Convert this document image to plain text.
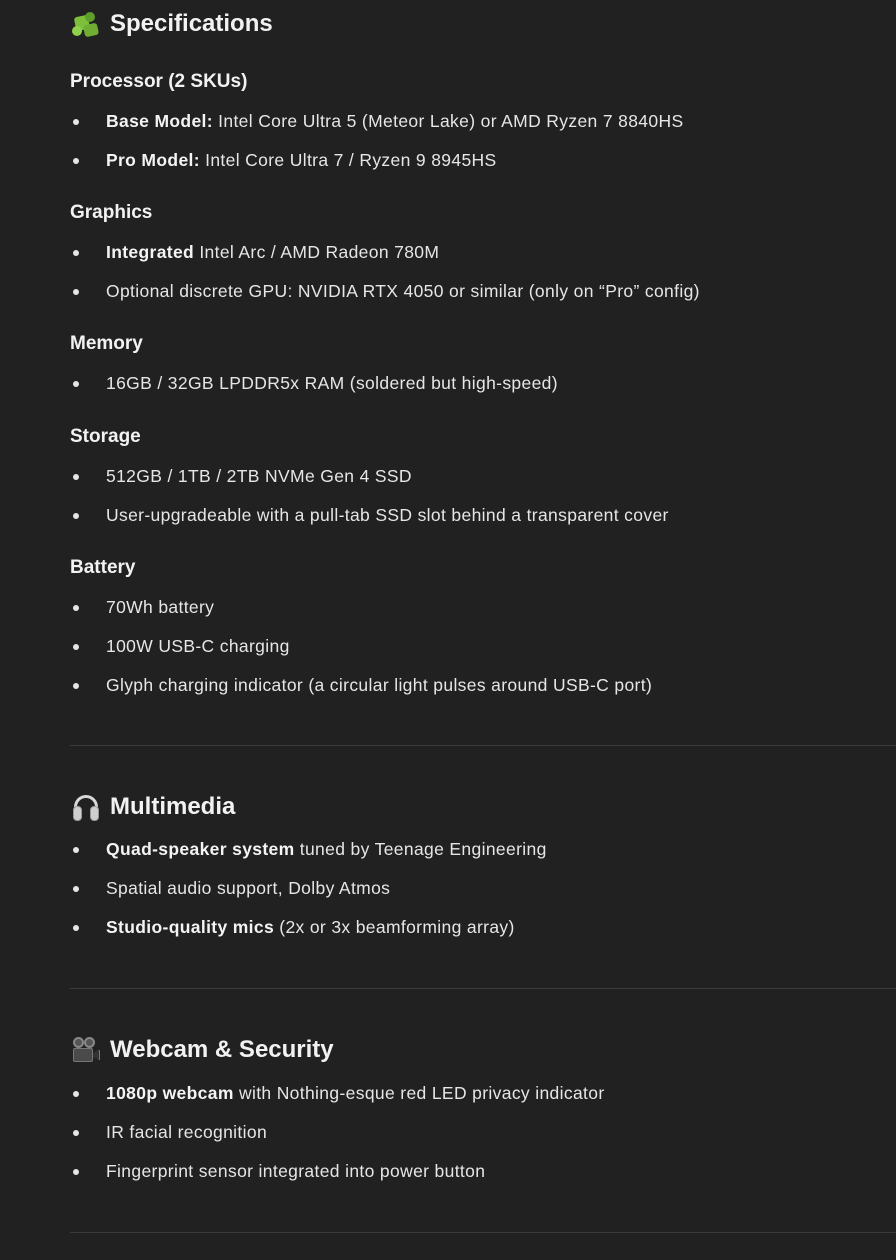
Specifications
Processor (2 SKUs)
Base Model: Intel Core Ultra 5 (Meteor Lake) or AMD Ryzen 7 8840HS
Pro Model: Intel Core Ultra 7 / Ryzen 9 8945HS
Graphics
Integrated Intel Arc / AMD Radeon 780M
Optional discrete GPU: NVIDIA RTX 4050 or similar (only on “Pro” config)
Memory
16GB / 32GB LPDDR5x RAM (soldered but high-speed)
Storage
512GB / 1TB / 2TB NVMe Gen 4 SSD
User-upgradeable with a pull-tab SSD slot behind a transparent cover
Battery
70Wh battery
100W USB-C charging
Glyph charging indicator (a circular light pulses around USB-C port)
Multimedia
Quad-speaker system tuned by Teenage Engineering
Spatial audio support, Dolby Atmos
Studio-quality mics (2x or 3x beamforming array)
Webcam & Security
1080p webcam with Nothing-esque red LED privacy indicator
IR facial recognition
Fingerprint sensor integrated into power button
